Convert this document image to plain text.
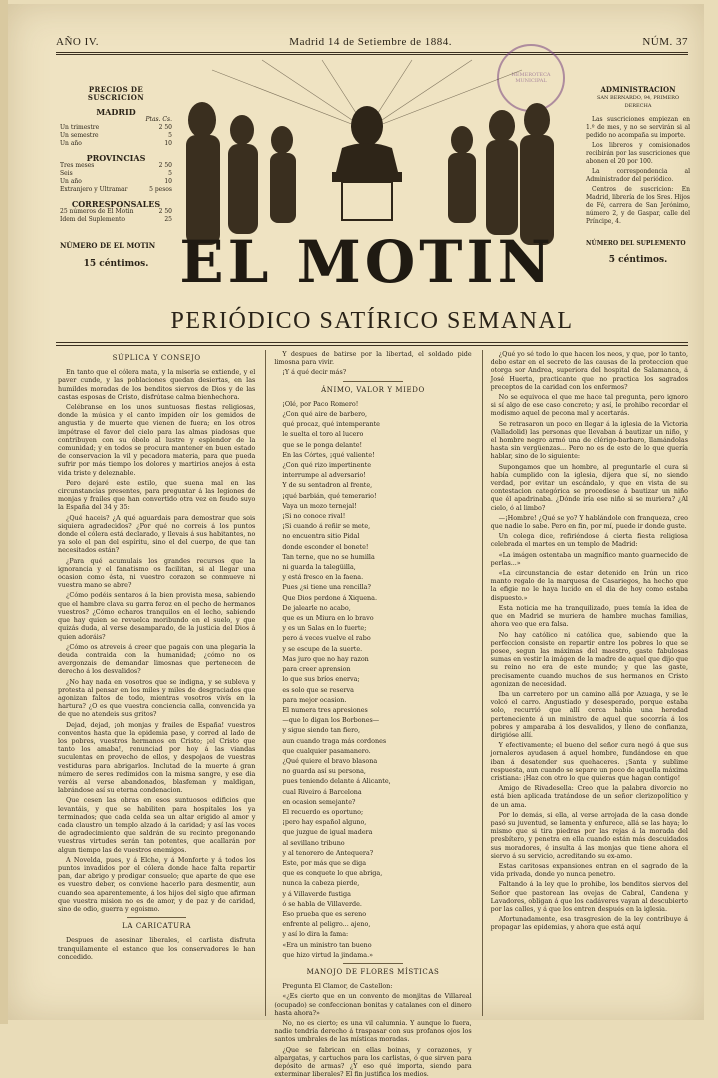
AÑO IV.	Madrid 14 de Setiembre de 1884.	NÚM. 37
PRECIOS DE SUSCRICION
MADRID
Ptas. Cs.
Un trimestre	2 50
Un semestre	5
Un año	10
PROVINCIAS
Tres meses	2 50
Seis	5
Un año	10
Extranjero y Ultramar	5 pesos
CORRESPONSALES
25 números de El Motin	2 50
Idem del Suplemento	25
NÚMERO DE EL MOTIN
15 céntimos.
ADMINISTRACION
SAN BERNARDO, 94, PRIMERO DERECHA

Las suscriciones empiezan en 1.º de mes, y no se servirán si al pedido no acompaña su importe.

Los libreros y comisionados recibirán por las suscriciones que abonen el 20 por 100.

La correspondencia al Administrador del periódico.

Centros de suscricion: En Madrid, librería de los Sres. Hijos de Fé, carrera de San Jerónimo, número 2, y de Gaspar, calle del Príncipe, 4.

NÚMERO DEL SUPLEMENTO
5 céntimos.
HEMEROTECA MUNICIPAL
EL MOTIN
PERIÓDICO SATÍRICO SEMANAL
SÚPLICA Y CONSEJO

En tanto que el cólera mata, y la miseria se extiende, y el paver cunde, y las poblaciones quedan desiertas, en las humildes moradas de los benditos siervos de Dios y de las castas esposas de Cristo, disfrútase calma bienhechora.

Celébranse en los unos suntuosas fiestas religiosas, donde la música y el canto impiden oír los gemidos de angustia y de muerte que vienen de fuera; en los otros impétrase el favor del cielo para las almas piadosas que contribuyen con su óbolo al lustre y esplendor de la comunidad; y en todos se procura mantener en buen estado de conservacion la vil y pecadora materia, para que pueda sufrir por más tiempo los dolores y martirios anejos á esta vida triste y deleznable.

Pero dejaré este estilo, que suena mal en las circunstancias presentes, para preguntar á las legiones de monjas y frailes que han convertido otra vez en feudo suyo la España del 34 y 35:

¿Qué haceis? ¿A qué aguardais para demostrar que sois siquiera agradecidos? ¿Por qué no correis á los puntos donde el cólera está declarado, y llevais á sus habitantes, no ya solo el pan del espíritu, sino el del cuerpo, de que tan necesitados están?

¿Para qué acumulais los grandes recursos que la ignorancia y el fanatismo os facilitan, si al llegar una ocasion como ésta, ni vuestro corazon se conmueve ni vuestra mano se abre?

¿Cómo podéis sentaros á la bien provista mesa, sabiendo que el hambre clava su garra feroz en el pecho de hermanos vuestros? ¿Cómo echaros tranquilos en el lecho, sabiendo que hay quien se revuelca moribundo en el suelo, y que quizás duda, al verse desamparado, de la justicia del Dios á quien adoráis?

¿Cómo os atreveis á creer que pagais con una plegaria la deuda contraida con la humanidad; ¿cómo no os avergonzais de demandar limosnas que pertenecen de derecho á los desvalidos?

¿No hay nada en vosotros que se indigna, y se subleva y protesta al pensar en los miles y miles de desgraciados que agonizan faltos de todo, mientras vosotros vivís en la hartura? ¿O es que vuestra conciencia calla, convencida ya de que no atendeis sus gritos?

Dejad, dejad, ¡oh monjas y frailes de España! vuestros conventos hasta que la epidemia pase, y corred al lado de los pobres, vuestros hermanos en Cristo; ¡el Cristo que tanto los amaba!, renunciad por hoy á las viandas suculentas en provecho de ellos, y despojaos de vuestras vestiduras para abrigarlos. Inclutad de la muerte á gran número de seres redimidos con la misma sangre, y ese dia veréis al verse abandonados, blasfeman y maldigan, labrándose así su eterna condenacion.

Que cesen las obras en esos suntuosos edificios que levantáis, y que se habiliten para hospitales los ya terminados; que cada celda sea un altar erigido al amor y cada claustro un templo alzado á la caridad; y así las voces de agradecimiento que saldrán de su recinto pregonando vuestras virtudes serán tan potentes, que acallarán por algun tiempo las de vuestros enemigos.

A Novelda, pues, y á Elche, y á Monforte y á todos los puntos invadidos por el cólera donde hace falta repartir pan, dar abrigo y prodigar consuelo; que aparte de que ese es vuestro deber, os conviene hacerlo para desmentir, aun cuando sea aparentemente, á los hijos del siglo que afirman que vuestra mision no es de amor, y de paz y de caridad, sino de odio, guerra y egoismo.

LA CARICATURA

Despues de asesinar liberales, el carlista disfruta tranquilamente el estanco que los conservadores le han concedido.

Y despues de batirse por la libertad, el soldado pide limosna para vivir.

¡Y á qué decir más?

ÁNIMO, VALOR Y MIEDO

¡Olé, por Paco Romero!

¿Con qué aire de barbero,

qué procaz, qué intemperante

le suelta el toro al lucero

que se le ponga delante!

En las Córtes, ¡qué valiente!

¿Con qué rizo impertinente

interrumpe al adversario!

Y de su sentadron al frente,

¡qué barbián, qué temerario!

Vaya un mozo ternejal!

¡Si no conoce rival!

¡Si cuando á reñir se mete,

no encuentra sitio Pidal

donde esconder el bonete!

Tan terne, que no se humilla

ni guarda la talegüilla,

y está fresco en la faena.

Pues ¿si tiene una rencilla?

Que Dios perdone á Xiquena.

De jalearle no acabo,

que es un Miura en lo bravo

y es un Salas en lo fuerte;

pero á veces vuelve el rabo

y se escupe de la suerte.

Mas juro que no hay razon

para creer aprension

lo que sus bríos enerva;

es solo que se reserva

para mejor ocasion.

El numera tres apresiones

—que lo digan los Borbones—

y sigue siendo tan fiero,

aun cuando traga más cordones

que cualquier pasamanero.

¿Qué quiere el bravo blasona

no guarda así su persona,

pues teniendo delante á Alicante,

cual Riveiro á Barcelona

en ocasion semejante?

El recuerdo es oportuno;

¡pero hay español alguno,

que juzgue de igual madera

al sevillano tribuno

y al tenorero de Antequera?

Este, por más que se diga

que es conquete lo que abriga,

nunca la cabeza pierde,

y á Villaverde fustiga

ó se habla de Villaverde.

Eso prueba que es sereno

enfrente al peligro... ajeno,

y así lo dira la fama:

«Era un ministro tan bueno

que hizo virtud la jindama.»

MANOJO DE FLORES MÍSTICAS

Pregunta El Clamor, de Castellon:

«¿Es cierto que en un convento de monjitas de Villareal (ocupado) se confeccionan bonitas y catalanes con el dinero hasta ahora?»

No, no es cierto; es una vil calumnia. Y aunque lo fuera, nadie tendría derecho á traspasar con sus profanos ojos los santos umbrales de las místicas moradas.

¿Que se fabrican en ellas boinas, y corazones, y alpargatas, y cartuchos para los carlistas, ó que sirven para depósito de armas? ¿Y eso qué importa, siendo para exterminar liberales? El fin justifica los medios.

¿Qué yo sé todo lo que hacen los neos, y que, por lo tanto, debo estar en el secreto de las causas de la proteccion que otorga sor Andrea, superiora del hospital de Salamanca, á José Huerta, practicante que no practica los sagrados preceptos de la caridad con los enfermos?

No se equivoca el que me hace tal pregunta, pero ignoro si sí algo de ese caso concreto; y así, le prohibo recordar el modismo aquel de pecona mal y acertarás.

Se retrasaron un poco en llegar á la iglesia de la Victoria (Valladolid) las personas que llevaban á bautizar un niño, y el hombre negro armó una de clérigo-barbaro, llamándolas hasta sin vergüenzas... Pero no es de esto de lo que quería hablar, sino de lo siguiente:

Supongamos que un hombre, al preguntarle el cura si había cumplido con la iglesia, dijera que sí, no siendo verdad, por evitar un escándalo, y que en vista de su contestacion categórica se procediese á bautizar un niño que él apadrinaba. ¿Dónde iría ese niño si se muriera? ¿Al cielo, ó al limbo?

—¡Hombre! ¿Qué se yo? Y hablándole con franqueza, creo que nadie lo sabe. Pero en fin, por mí, puede ir donde guste.

Un colega dice, refiriéndose á cierta fiesta religiosa celebrada el martes en un templo de Madrid:

«La imágen ostentaba un magnífico manto guarnecido de perlas...»

«La circunstancia de estar detenido en Irún un rico manto regalo de la marquesa de Casariegos, ha hecho que la efigie no le haya lucido en el dia de hoy como estaba dispuesto.»

Esta noticia me ha tranquilizado, pues temía la idea de que en Madrid se muriera de hambre muchas familias, ahora veo que era falsa.

No hay católico ni católica que, sabiendo que la perfeccion consiste en repartir entre los pobres lo que se posee, segun las máximas del maestro, gaste fabulosas sumas en vestir la imágen de la madre de aquel que dijo que su reino no era de este mundo; y que las gaste, precisamente cuando muchos de sus hermanos en Cristo agonizan de necesidad.

Iba un carretero por un camino allá por Azuaga, y se le volcó el carro. Angustiado y desesperado, porque estaba solo, recurrió que allí cerca había una heredad perteneciente á un ministro de aquel que socorría á los pobres y amparaba á los desvalidos, y lleno de confianza, dirigióse allí.

Y efectivamente; el bueno del señor cura negó á que sus jornaleros ayudasen á aquel hombre, fundándose en que iban á desatender sus quehaceres. ¡Santa y sublime respuesta, aun cuando se separe un poco de aquella máxima cristiana: ¡Haz con otro lo que quieras que hagan contigo!

Amigo de Rivadesella: Creo que la palabra divorcio no está bien aplicada tratándose de un señor clerizopolítico y de un ama.

Por lo demás, si ella, al verse arrojada de la casa donde pasó su juventud, se lamenta y enfurece, allá se las haya; lo mismo que si tira piedras por las rejas á la morada del presbítero, y penetra en ella cuando están más descuidados sus moradores, é insulta á las monjas que tiene ahora el siervo á su servicio, acreditando su ex-amo.

Estas caritosas expansiones entran en el sagrado de la vida privada, donde yo nunca penetro.

Faltando á la ley que lo prohibe, los benditos siervos del Señor que pastorean las ovejas de Cabral, Candena y Lavadores, obligan á que los cadáveres vayan al descubierto por las calles, y á que los entren después en la iglesia.

Afortunadamente, esa trasgresion de la ley contribuye á propagar las epidemias, y ahora que está aquí
